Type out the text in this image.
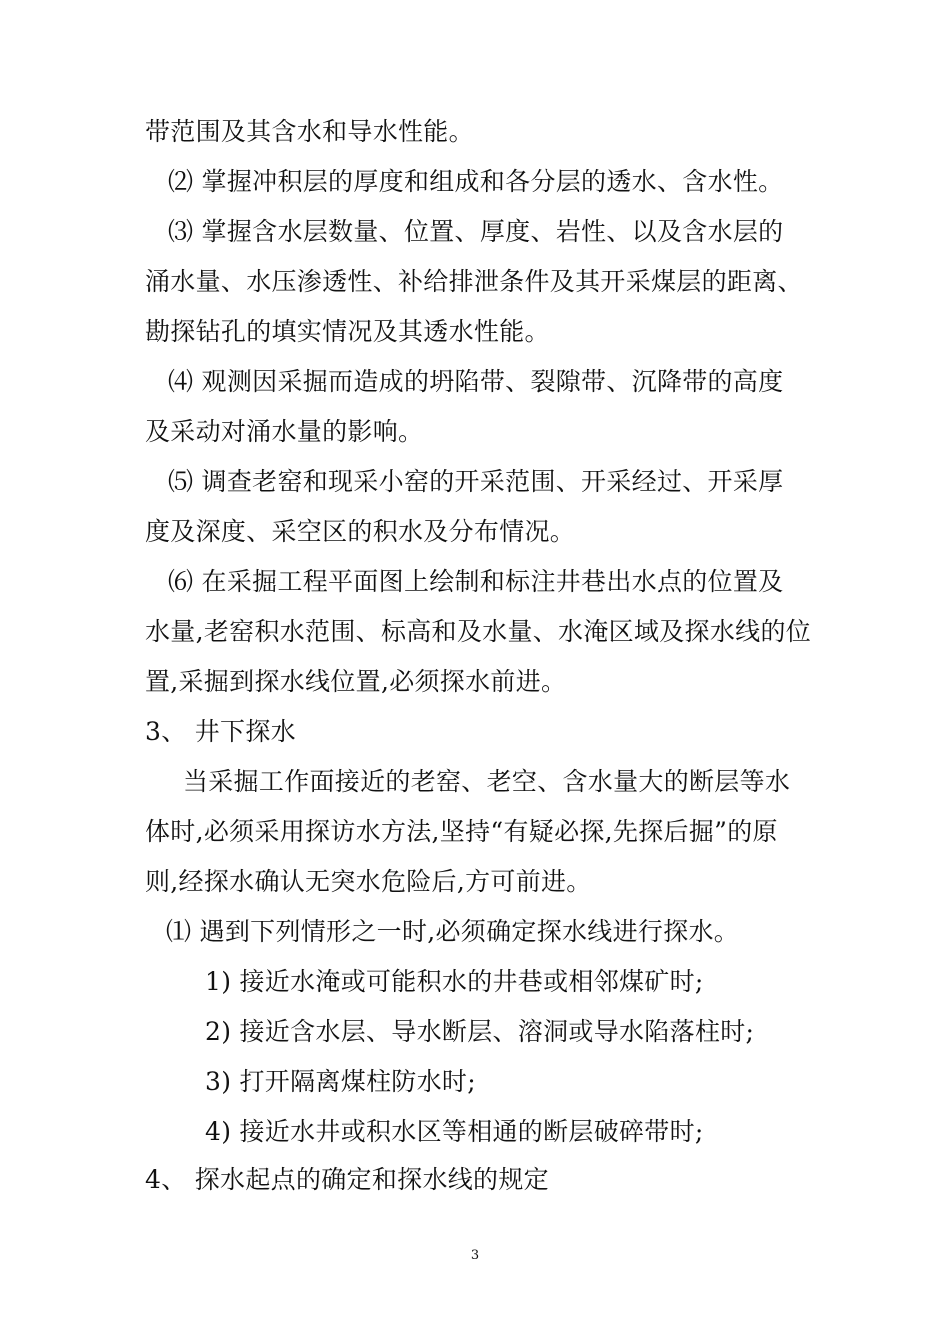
带范围及其含水和导水性能。
⑵ 掌握冲积层的厚度和组成和各分层的透水、含水性。
⑶ 掌握含水层数量、位置、厚度、岩性、以及含水层的
涌水量、水压渗透性、补给排泄条件及其开采煤层的距离、
勘探钻孔的填实情况及其透水性能。
⑷ 观测因采掘而造成的坍陷带、裂隙带、沉降带的高度
及采动对涌水量的影响。
⑸ 调查老窑和现采小窑的开采范围、开采经过、开采厚
度及深度、采空区的积水及分布情况。
⑹ 在采掘工程平面图上绘制和标注井巷出水点的位置及
水量,老窑积水范围、标高和及水量、水淹区域及探水线的位
置,采掘到探水线位置,必须探水前进。
3、 井下探水
当采掘工作面接近的老窑、老空、含水量大的断层等水
体时,必须采用探访水方法,坚持“有疑必探,先探后掘”的原
则,经探水确认无突水危险后,方可前进。
⑴ 遇到下列情形之一时,必须确定探水线进行探水。
1) 接近水淹或可能积水的井巷或相邻煤矿时;
2) 接近含水层、导水断层、溶洞或导水陷落柱时;
3) 打开隔离煤柱防水时;
4) 接近水井或积水区等相通的断层破碎带时;
4、 探水起点的确定和探水线的规定
3
